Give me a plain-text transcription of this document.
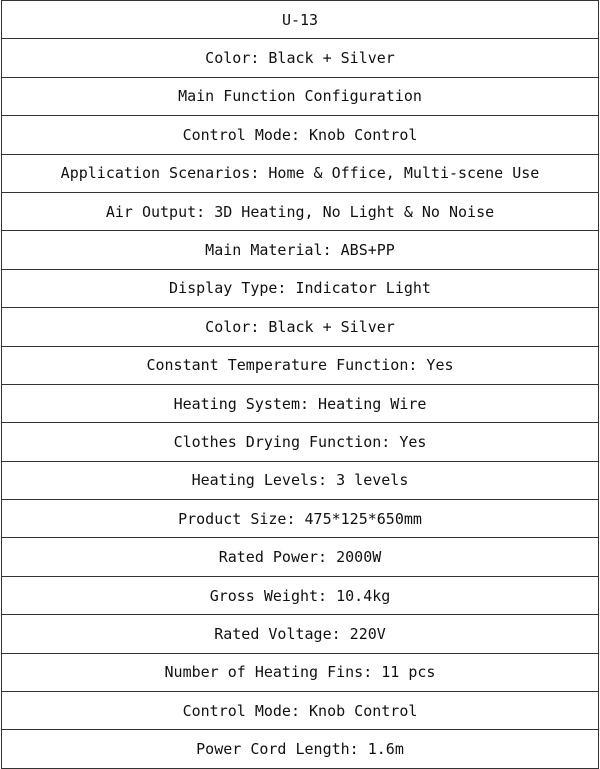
U-13
Color: Black + Silver
Main Function Configuration
Control Mode: Knob Control
Application Scenarios: Home & Office, Multi-scene Use
Air Output: 3D Heating, No Light & No Noise
Main Material: ABS+PP
Display Type: Indicator Light
Color: Black + Silver
Constant Temperature Function: Yes
Heating System: Heating Wire
Clothes Drying Function: Yes
Heating Levels: 3 levels
Product Size: 475*125*650mm
Rated Power: 2000W
Gross Weight: 10.4kg
Rated Voltage: 220V
Number of Heating Fins: 11 pcs
Control Mode: Knob Control
Power Cord Length: 1.6m
